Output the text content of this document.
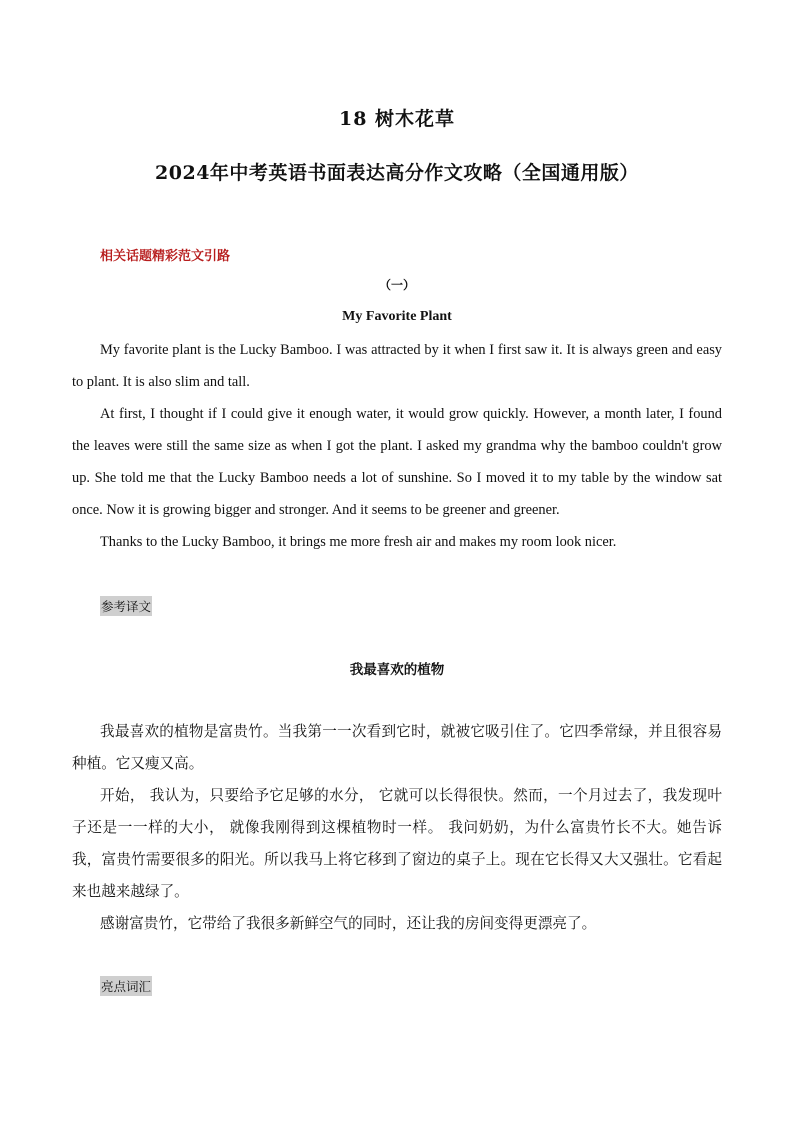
18 树木花草
2024年中考英语书面表达高分作文攻略（全国通用版）
相关话题精彩范文引路
（一）
My Favorite Plant

My favorite plant is the Lucky Bamboo. I was attracted by it when I first saw it. It is always green and easy to plant. It is also slim and tall.

At first, I thought if I could give it enough water, it would grow quickly. However, a month later, I found the leaves were still the same size as when I got the plant. I asked my grandma why the bamboo couldn't grow up. She told me that the Lucky Bamboo needs a lot of sunshine. So I moved it to my table by the window sat once. Now it is growing bigger and stronger. And it seems to be greener and greener.

Thanks to the Lucky Bamboo, it brings me more fresh air and makes my room look nicer.

参考译文
我最喜欢的植物

我最喜欢的植物是富贵竹。当我第一一次看到它时，就被它吸引住了。它四季常绿，并且很容易种植。它又瘦又高。

开始， 我认为，只要给予它足够的水分， 它就可以长得很快。然而，一个月过去了，我发现叶子还是一一样的大小， 就像我刚得到这棵植物时一样。 我问奶奶，为什么富贵竹长不大。她告诉我，富贵竹需要很多的阳光。所以我马上将它移到了窗边的桌子上。现在它长得又大又强壮。它看起来也越来越绿了。

感谢富贵竹，它带给了我很多新鲜空气的同时，还让我的房间变得更漂亮了。

亮点词汇
